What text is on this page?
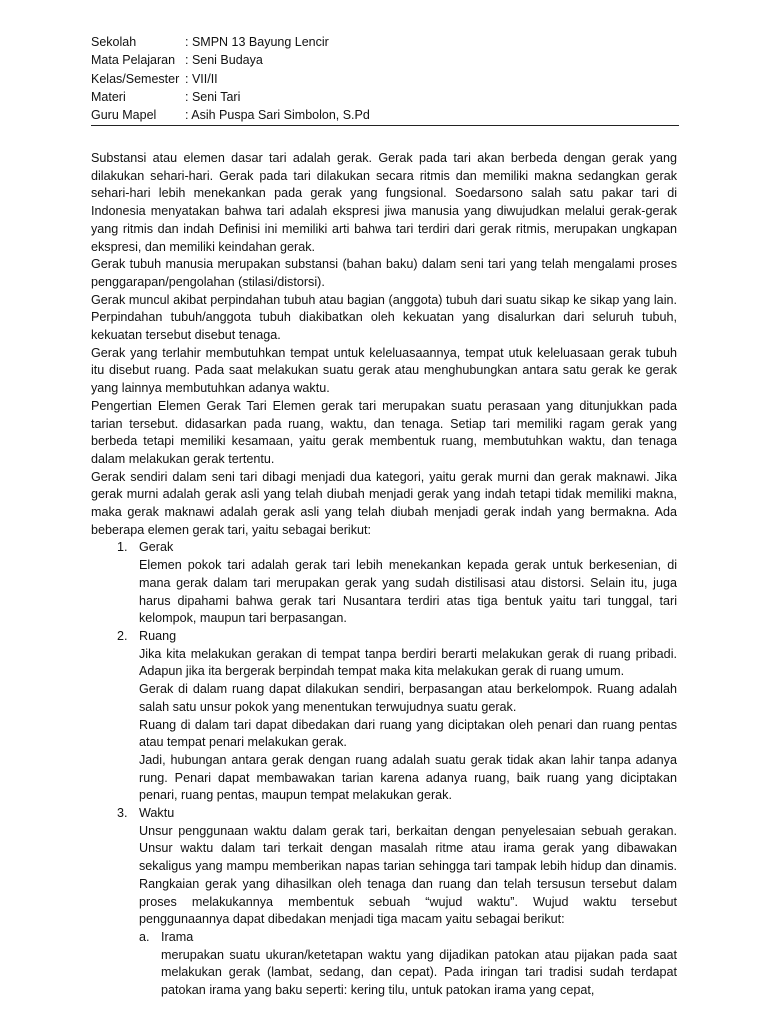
Sekolah	: SMPN 13 Bayung Lencir
Mata Pelajaran : Seni Budaya
Kelas/Semester : VII/II
Materi	: Seni Tari
Guru Mapel	: Asih Puspa Sari Simbolon, S.Pd

Substansi atau elemen dasar tari adalah gerak. Gerak pada tari akan berbeda dengan gerak yang dilakukan sehari-hari. Gerak pada tari dilakukan secara ritmis dan memiliki makna sedangkan gerak sehari-hari lebih menekankan pada gerak yang fungsional. Soedarsono salah satu pakar tari di Indonesia menyatakan bahwa tari adalah ekspresi jiwa manusia yang diwujudkan melalui gerak-gerak yang ritmis dan indah Definisi ini memiliki arti bahwa tari terdiri dari gerak ritmis, merupakan ungkapan ekspresi, dan memiliki keindahan gerak.

Gerak tubuh manusia merupakan substansi (bahan baku) dalam seni tari yang telah mengalami proses penggarapan/pengolahan (stilasi/distorsi).

Gerak muncul akibat perpindahan tubuh atau bagian (anggota) tubuh dari suatu sikap ke sikap yang lain. Perpindahan tubuh/anggota tubuh diakibatkan oleh kekuatan yang disalurkan dari seluruh tubuh, kekuatan tersebut disebut tenaga.

Gerak yang terlahir membutuhkan tempat untuk keleluasaannya, tempat utuk keleluasaan gerak tubuh itu disebut ruang. Pada saat melakukan suatu gerak atau menghubungkan antara satu gerak ke gerak yang lainnya membutuhkan adanya waktu.

Pengertian Elemen Gerak Tari Elemen gerak tari merupakan suatu perasaan yang ditunjukkan pada tarian tersebut. didasarkan pada ruang, waktu, dan tenaga. Setiap tari memiliki ragam gerak yang berbeda tetapi memiliki kesamaan, yaitu gerak membentuk ruang, membutuhkan waktu, dan tenaga dalam melakukan gerak tertentu.

Gerak sendiri dalam seni tari dibagi menjadi dua kategori, yaitu gerak murni dan gerak maknawi. Jika gerak murni adalah gerak asli yang telah diubah menjadi gerak yang indah tetapi tidak memiliki makna, maka gerak maknawi adalah gerak asli yang telah diubah menjadi gerak indah yang bermakna. Ada beberapa elemen gerak tari, yaitu sebagai berikut:

1. Gerak

Elemen pokok tari adalah gerak tari lebih menekankan kepada gerak untuk berkesenian, di mana gerak dalam tari merupakan gerak yang sudah distilisasi atau distorsi. Selain itu, juga harus dipahami bahwa gerak tari Nusantara terdiri atas tiga bentuk yaitu tari tunggal, tari kelompok, maupun tari berpasangan.

2. Ruang

Jika kita melakukan gerakan di tempat tanpa berdiri berarti melakukan gerak di ruang pribadi. Adapun jika ita bergerak berpindah tempat maka kita melakukan gerak di ruang umum.

Gerak di dalam ruang dapat dilakukan sendiri, berpasangan atau berkelompok. Ruang adalah salah satu unsur pokok yang menentukan terwujudnya suatu gerak.

Ruang di dalam tari dapat dibedakan dari ruang yang diciptakan oleh penari dan ruang pentas atau tempat penari melakukan gerak.

Jadi, hubungan antara gerak dengan ruang adalah suatu gerak tidak akan lahir tanpa adanya rung. Penari dapat membawakan tarian karena adanya ruang, baik ruang yang diciptakan penari, ruang pentas, maupun tempat melakukan gerak.

3. Waktu

Unsur penggunaan waktu dalam gerak tari, berkaitan dengan penyelesaian sebuah gerakan. Unsur waktu dalam tari terkait dengan masalah ritme atau irama gerak yang dibawakan sekaligus yang mampu memberikan napas tarian sehingga tari tampak lebih hidup dan dinamis. Rangkaian gerak yang dihasilkan oleh tenaga dan ruang dan telah tersusun tersebut dalam proses melakukannya membentuk sebuah “wujud waktu”. Wujud waktu tersebut penggunaannya dapat dibedakan menjadi tiga macam yaitu sebagai berikut:

a. Irama

merupakan suatu ukuran/ketetapan waktu yang dijadikan patokan atau pijakan pada saat melakukan gerak (lambat, sedang, dan cepat). Pada iringan tari tradisi sudah terdapat patokan irama yang baku seperti: kering tilu, untuk patokan irama yang cepat,
